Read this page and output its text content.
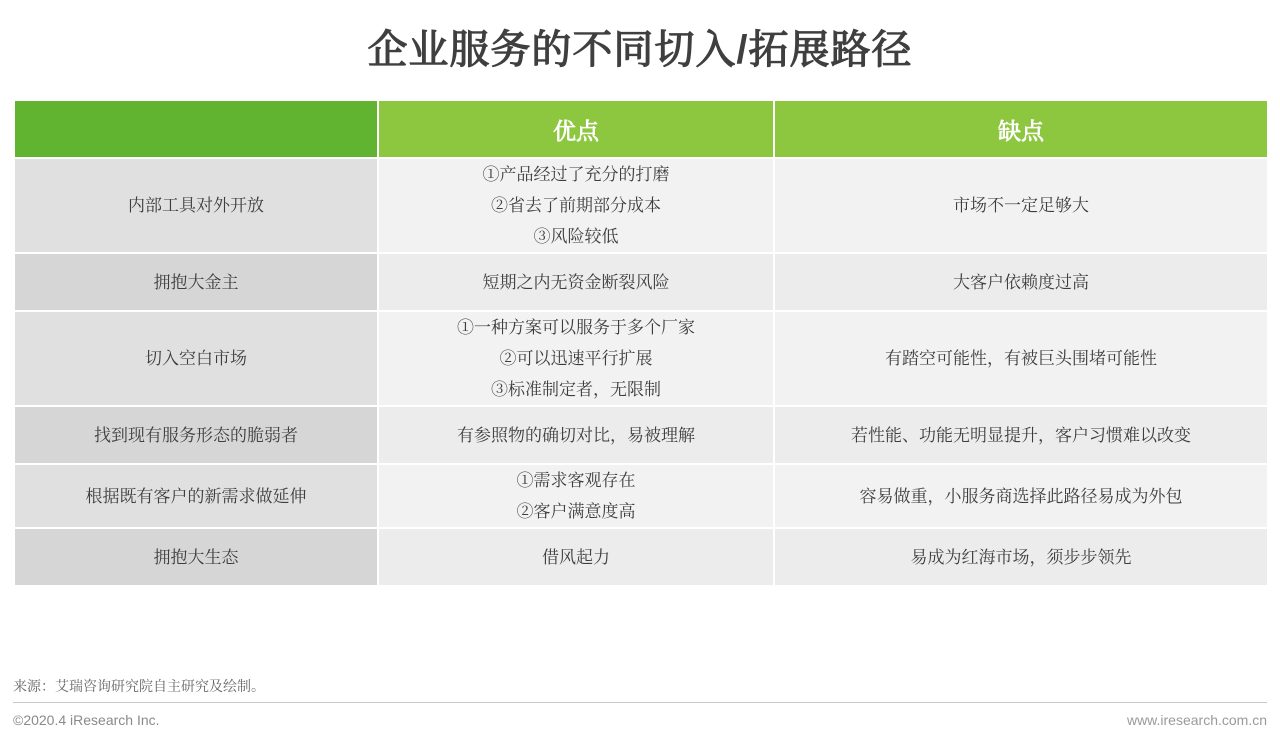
企业服务的不同切入/拓展路径
	优点	缺点
内部工具对外开放	①产品经过了充分的打磨
②省去了前期部分成本
③风险较低	市场不一定足够大

拥抱大金主	短期之内无资金断裂风险	大客户依赖度过高

切入空白市场	①一种方案可以服务于多个厂家
②可以迅速平行扩展
③标准制定者，无限制	有踏空可能性，有被巨头围堵可能性

找到现有服务形态的脆弱者	有参照物的确切对比，易被理解	若性能、功能无明显提升，客户习惯难以改变

根据既有客户的新需求做延伸	①需求客观存在
②客户满意度高	容易做重，小服务商选择此路径易成为外包

拥抱大生态	借风起力	易成为红海市场，须步步领先
来源：艾瑞咨询研究院自主研究及绘制。
©2020.4 iResearch Inc.	www.iresearch.com.cn
